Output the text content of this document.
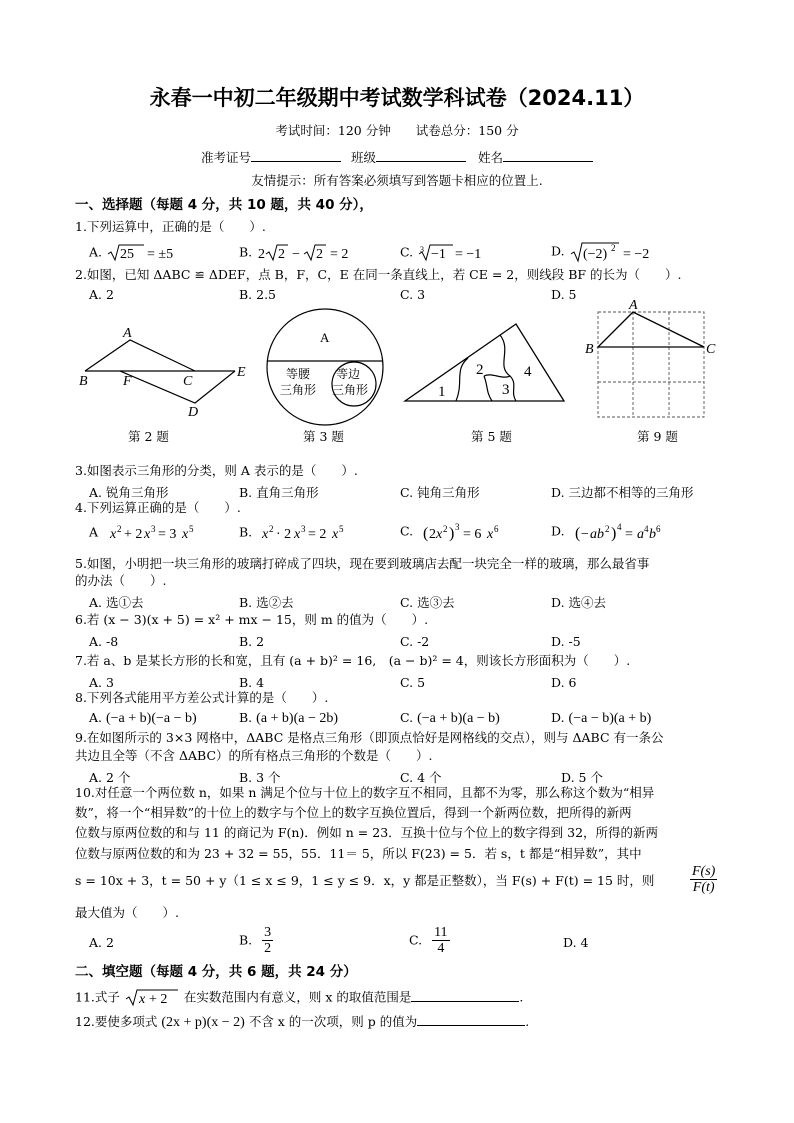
永春一中初二年级期中考试数学科试卷（2024.11）
考试时间：120 分钟　　试卷总分：150 分
准考证号	班级	姓名
友情提示：所有答案必须填写到答题卡相应的位置上.
一、选择题（每题 4 分，共 10 题，共 40 分），
1.下列运算中，正确的是（　　）.
A. 25 = ±5	B. 2 2 − 2 = 2	C. 3 −1 = −1	D. (−2) 2 = −2
2.如图，已知 ΔABC ≌ ΔDEF，点 B，F，C，E 在同一条直线上，若 CE = 2，则线段 BF 的长为（　　）.
A. 2	B. 2.5	C. 3	D. 5
A
B	F	C
E
D
A
等腰
三角形
等边
三角形	1
2
3
4
A
B	C
第 2 题	第 3 题	第 5 题	第 9 题
3.如图表示三角形的分类，则 A 表示的是（　　）.
A. 锐角三角形	B. 直角三角形	C. 钝角三角形	D. 三边都不相等的三角形
4.下列运算正确的是（　　）.
A x 2 + 2 x 3 = 3 x 5	B. x 2 · 2 x 3 = 2 x 5	C. ( 2 x 2 ) 3 = 6 x 6	D. ( − ab 2 ) 4 = a 4 b 6
5.如图，小明把一块三角形的玻璃打碎成了四块，现在要到玻璃店去配一块完全一样的玻璃，那么最省事
的办法（　　）.
A. 选①去	B. 选②去	C. 选③去	D. 选④去
6.若 (x − 3)(x + 5) = x² + mx − 15，则 m 的值为（　　）.
A. -8	B. 2	C. -2	D. -5
7.若 a、b 是某长方形的长和宽，且有 (a + b)² = 16,　(a − b)² = 4，则该长方形面积为（　　）.
A. 3	B. 4	C. 5	D. 6
8.下列各式能用平方差公式计算的是（　　）.
A. (−a + b)(−a − b)	B. (a + b)(a − 2b)	C. (−a + b)(a − b)	D. (−a − b)(a + b)
9.在如图所示的 3×3 网格中，ΔABC 是格点三角形（即顶点恰好是网格线的交点），则与 ΔABC 有一条公
共边且全等（不含 ΔABC）的所有格点三角形的个数是（　　）.
A. 2 个	B. 3 个	C. 4 个	D. 5 个
10.对任意一个两位数 n，如果 n 满足个位与十位上的数字互不相同，且都不为零，那么称这个数为“相异
数”，将一个“相异数”的十位上的数字与个位上的数字互换位置后，得到一个新两位数，把所得的新两
位数与原两位数的和与 11 的商记为 F(n)．例如 n = 23．互换十位与个位上的数字得到 32，所得的新两
位数与原两位数的和为 23 + 32 = 55，55．11＝ 5，所以 F(23) = 5．若 s，t 都是“相异数”，其中
s = 10x + 3，t = 50 + y（1 ≤ x ≤ 9，1 ≤ y ≤ 9．x，y 都是正整数），当 F(s) + F(t) = 15 时，则	$\frac{F(s)}{F(t)}$
最大值为（　　）.
A. 2	B. $\frac{3}{2}$	C. $\frac{11}{4}$	D. 4
二、填空题（每题 4 分，共 6 题，共 24 分）
11.式子 x + 2 在实数范围内有意义，则 x 的取值范围是	.
12.要使多项式 (2x + p)(x − 2) 不含 x 的一次项，则 p 的值为	.
